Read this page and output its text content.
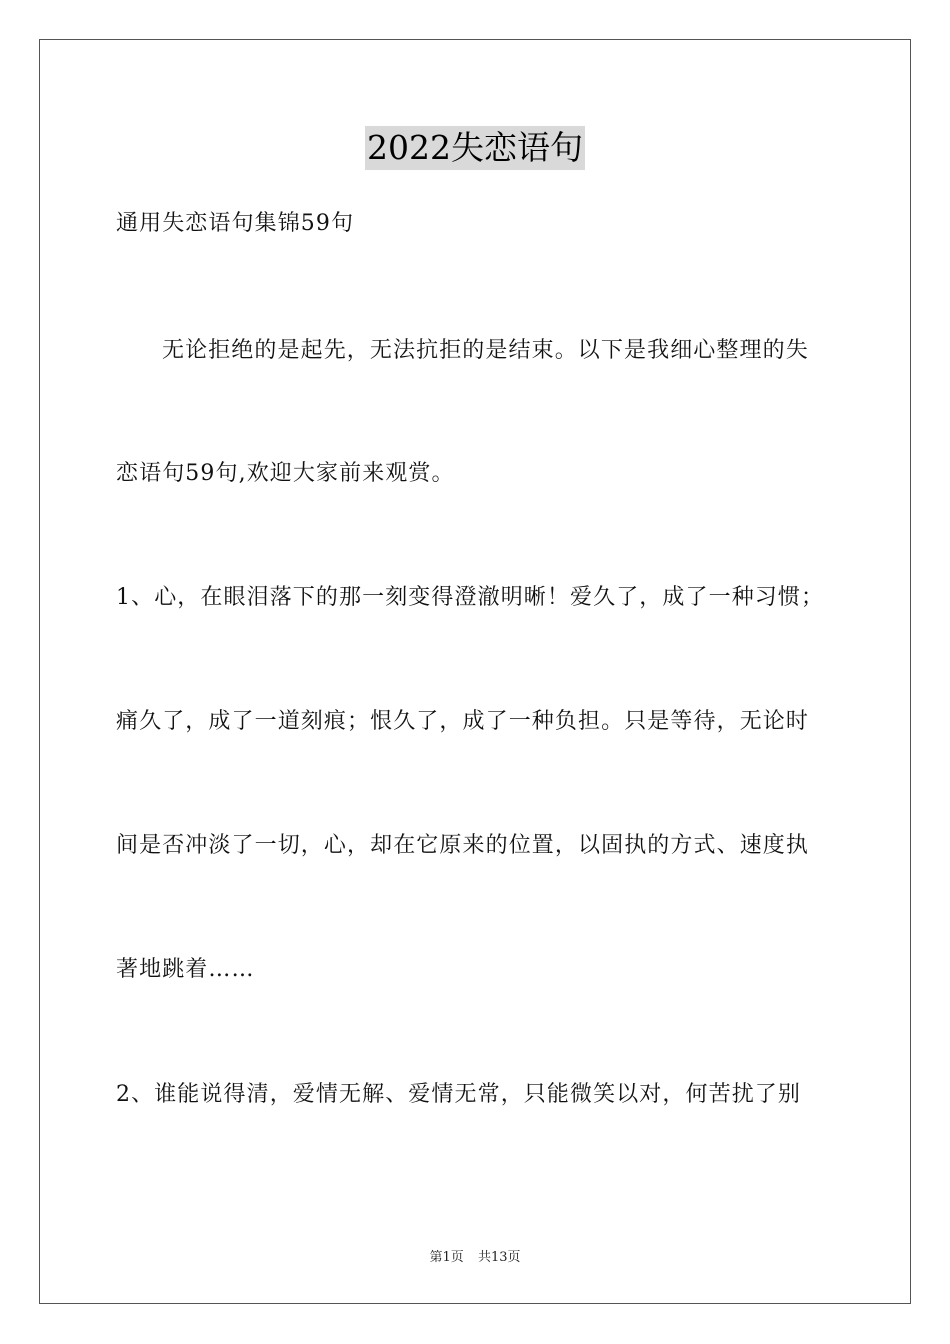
2022失恋语句
通用失恋语句集锦59句
无论拒绝的是起先，无法抗拒的是结束。以下是我细心整理的失
恋语句59句,欢迎大家前来观赏。
1、心，在眼泪落下的那一刻变得澄澈明晰！爱久了，成了一种习惯；
痛久了，成了一道刻痕；恨久了，成了一种负担。只是等待，无论时
间是否冲淡了一切，心，却在它原来的位置，以固执的方式、速度执
著地跳着……
2、谁能说得清，爱情无解、爱情无常，只能微笑以对，何苦扰了别
第1页 共13页
